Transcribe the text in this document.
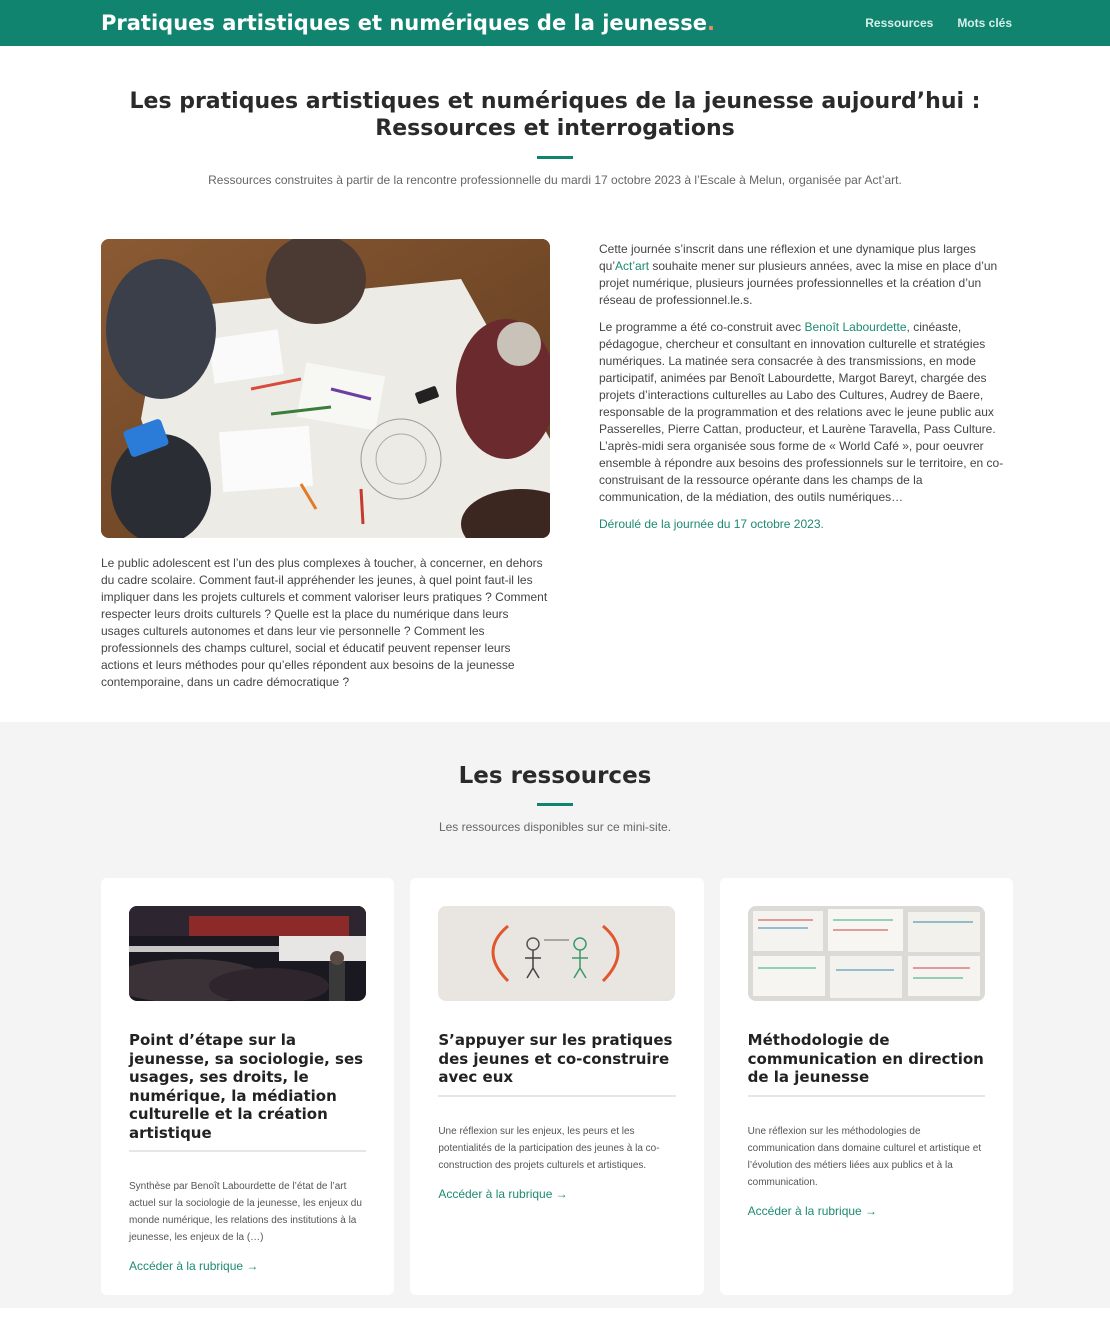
Pratiques artistiques et numériques de la jeunesse.	Ressources Mots clés
Les pratiques artistiques et numériques de la jeunesse aujourd’hui :
Ressources et interrogations

Ressources construites à partir de la rencontre professionnelle du mardi 17 octobre 2023 à l’Escale à Melun, organisée par Act’art.

Le public adolescent est l’un des plus complexes à toucher, à concerner, en dehors du cadre scolaire. Comment faut-il appréhender les jeunes, à quel point faut-il les impliquer dans les projets culturels et comment valoriser leurs pratiques ? Comment respecter leurs droits culturels ? Quelle est la place du numérique dans leurs usages culturels autonomes et dans leur vie personnelle ? Comment les professionnels des champs culturel, social et éducatif peuvent repenser leurs actions et leurs méthodes pour qu’elles répondent aux besoins de la jeunesse contemporaine, dans un cadre démocratique ?

Cette journée s’inscrit dans une réflexion et une dynamique plus larges qu’Act’art souhaite mener sur plusieurs années, avec la mise en place d’un projet numérique, plusieurs journées professionnelles et la création d’un réseau de professionnel.le.s.

Le programme a été co-construit avec Benoît Labourdette, cinéaste, pédagogue, chercheur et consultant en innovation culturelle et stratégies numériques. La matinée sera consacrée à des transmissions, en mode participatif, animées par Benoît Labourdette, Margot Bareyt, chargée des projets d’interactions culturelles au Labo des Cultures, Audrey de Baere, responsable de la programmation et des relations avec le jeune public aux Passerelles, Pierre Cattan, producteur, et Laurène Taravella, Pass Culture. L’après-midi sera organisée sous forme de « World Café », pour oeuvrer ensemble à répondre aux besoins des professionnels sur le territoire, en co-construisant de la ressource opérante dans les champs de la communication, de la médiation, des outils numériques…

Déroulé de la journée du 17 octobre 2023.

Les ressources

Les ressources disponibles sur ce mini-site.

Point d’étape sur la jeunesse, sa sociologie, ses usages, ses droits, le numérique, la médiation culturelle et la création artistique

Synthèse par Benoît Labourdette de l’état de l’art actuel sur la sociologie de la jeunesse, les enjeux du monde numérique, les relations des institutions à la jeunesse, les enjeux de la (…)

Accéder à la rubrique →
S’appuyer sur les pratiques des jeunes et co-construire avec eux

Une réflexion sur les enjeux, les peurs et les potentialités de la participation des jeunes à la co-construction des projets culturels et artistiques.

Accéder à la rubrique →
Méthodologie de communication en direction de la jeunesse

Une réflexion sur les méthodologies de communication dans domaine culturel et artistique et l’évolution des métiers liées aux publics et à la communication.

Accéder à la rubrique →
